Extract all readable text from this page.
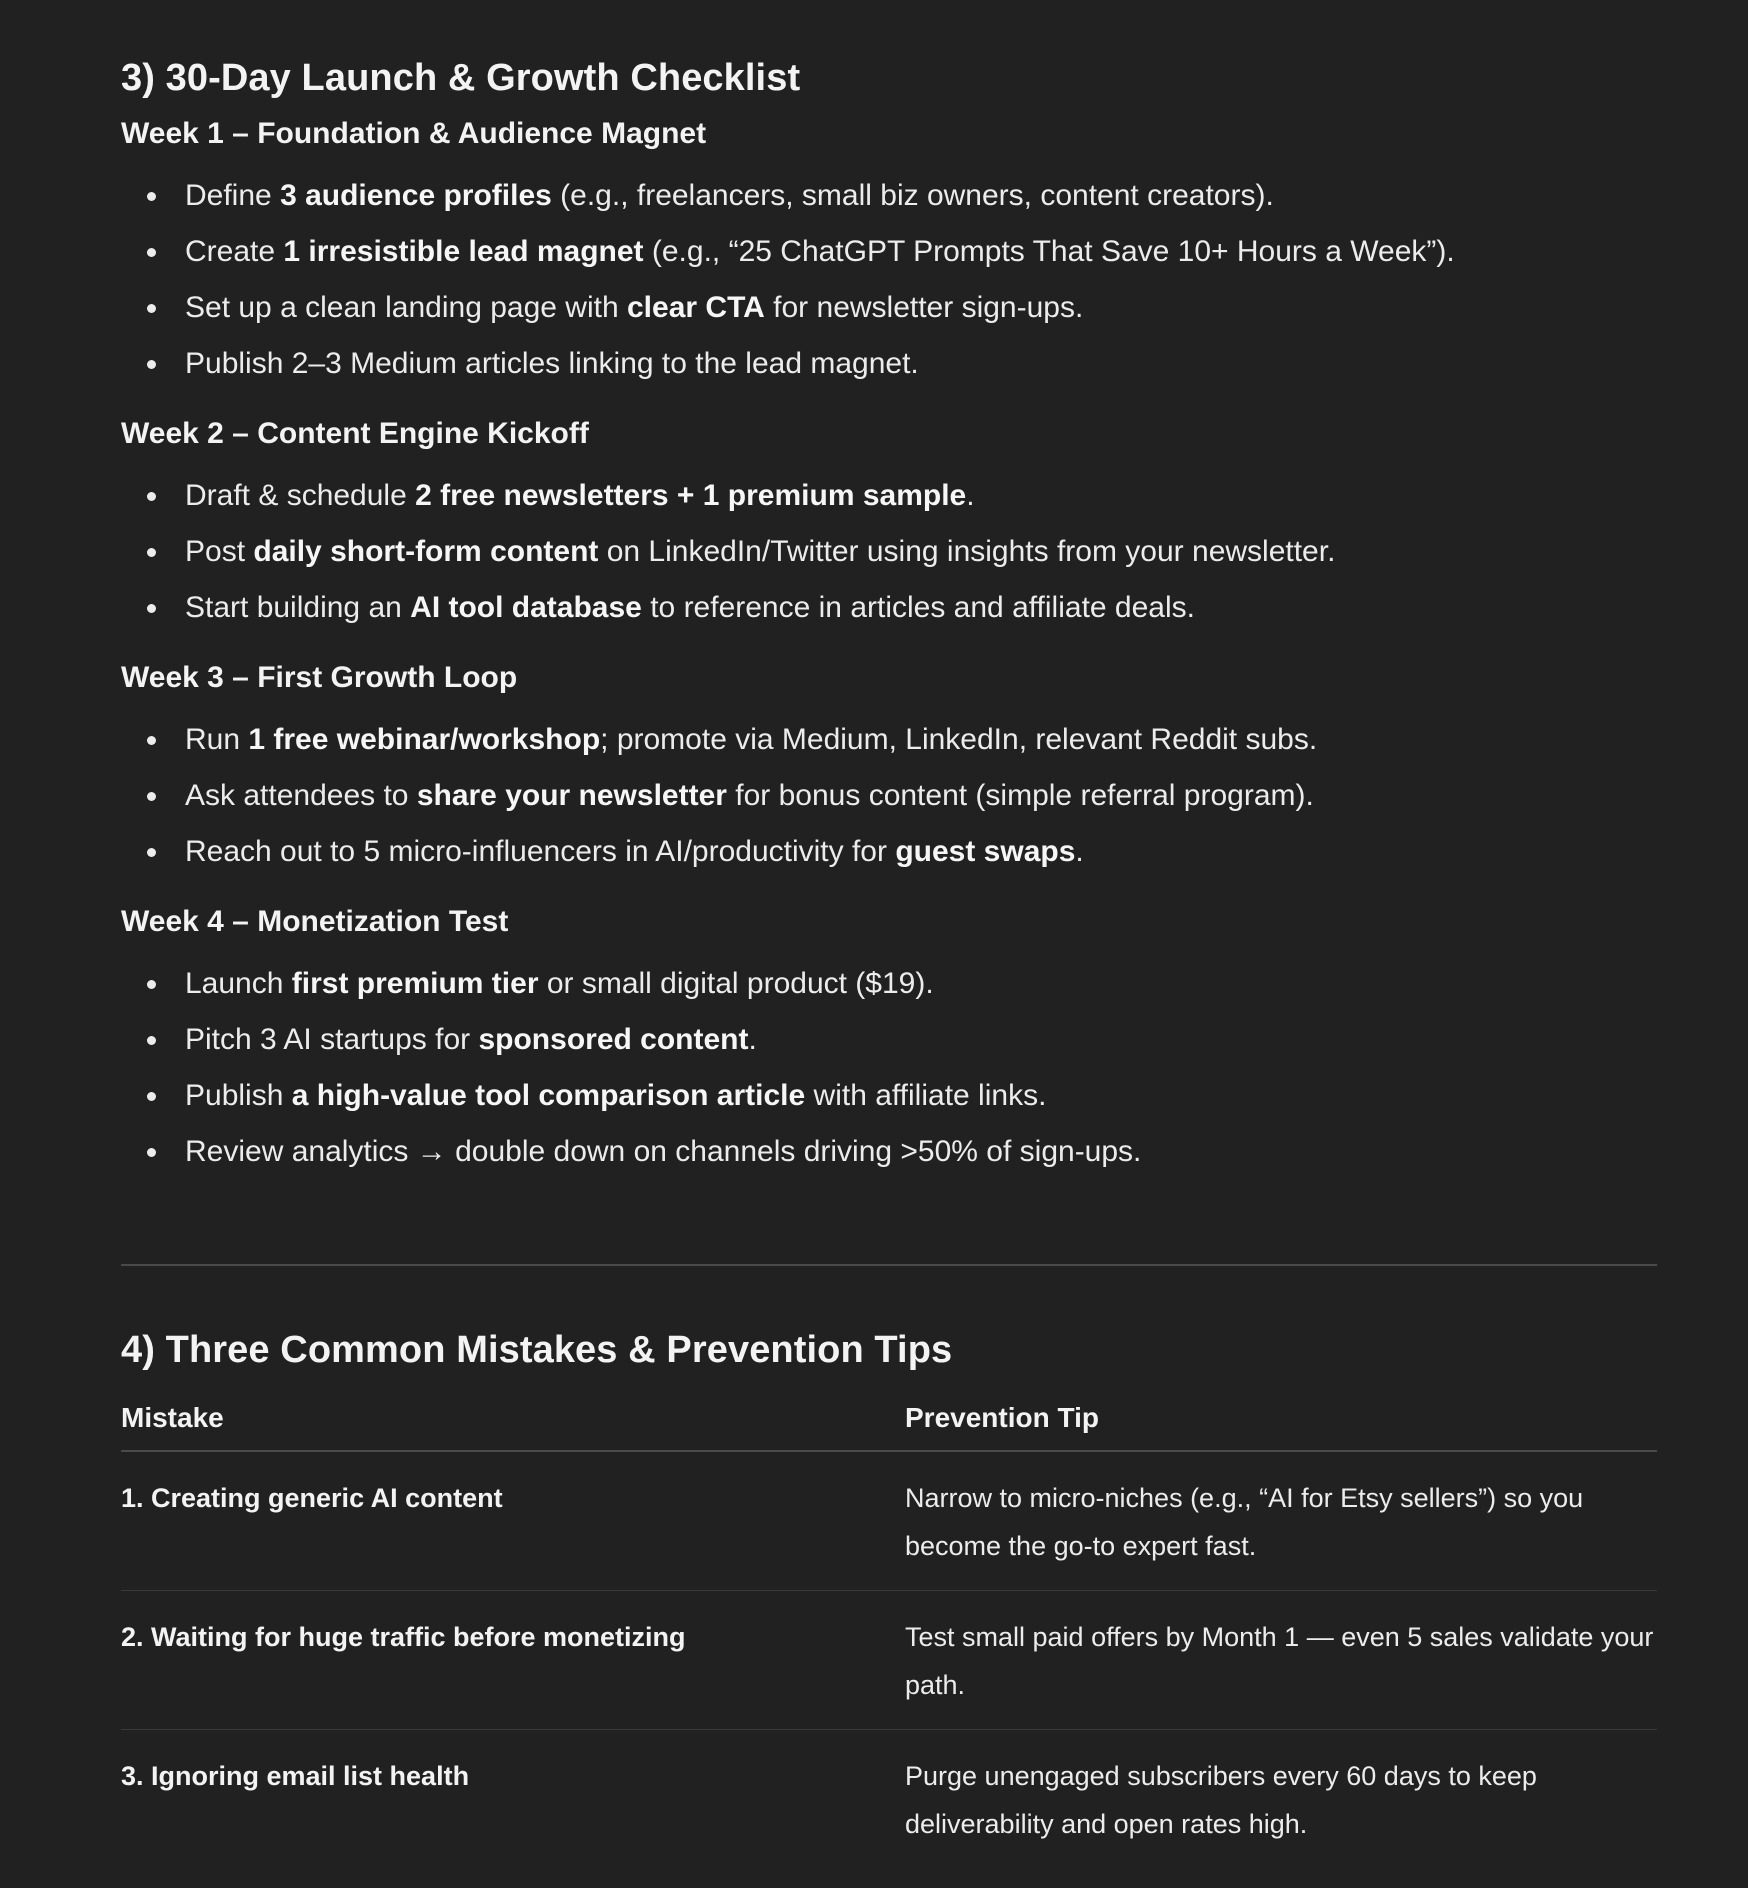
3) 30-Day Launch & Growth Checklist
Week 1 – Foundation & Audience Magnet
Define 3 audience profiles (e.g., freelancers, small biz owners, content creators).
Create 1 irresistible lead magnet (e.g., “25 ChatGPT Prompts That Save 10+ Hours a Week”).
Set up a clean landing page with clear CTA for newsletter sign-ups.
Publish 2–3 Medium articles linking to the lead magnet.
Week 2 – Content Engine Kickoff
Draft & schedule 2 free newsletters + 1 premium sample.
Post daily short-form content on LinkedIn/Twitter using insights from your newsletter.
Start building an AI tool database to reference in articles and affiliate deals.
Week 3 – First Growth Loop
Run 1 free webinar/workshop; promote via Medium, LinkedIn, relevant Reddit subs.
Ask attendees to share your newsletter for bonus content (simple referral program).
Reach out to 5 micro-influencers in AI/productivity for guest swaps.
Week 4 – Monetization Test
Launch first premium tier or small digital product ($19).
Pitch 3 AI startups for sponsored content.
Publish a high-value tool comparison article with affiliate links.
Review analytics → double down on channels driving >50% of sign-ups.
4) Three Common Mistakes & Prevention Tips
Mistake	Prevention Tip
1. Creating generic AI content	Narrow to micro-niches (e.g., “AI for Etsy sellers”) so you become the go-to expert fast.
2. Waiting for huge traffic before monetizing	Test small paid offers by Month 1 — even 5 sales validate your path.
3. Ignoring email list health	Purge unengaged subscribers every 60 days to keep deliverability and open rates high.
